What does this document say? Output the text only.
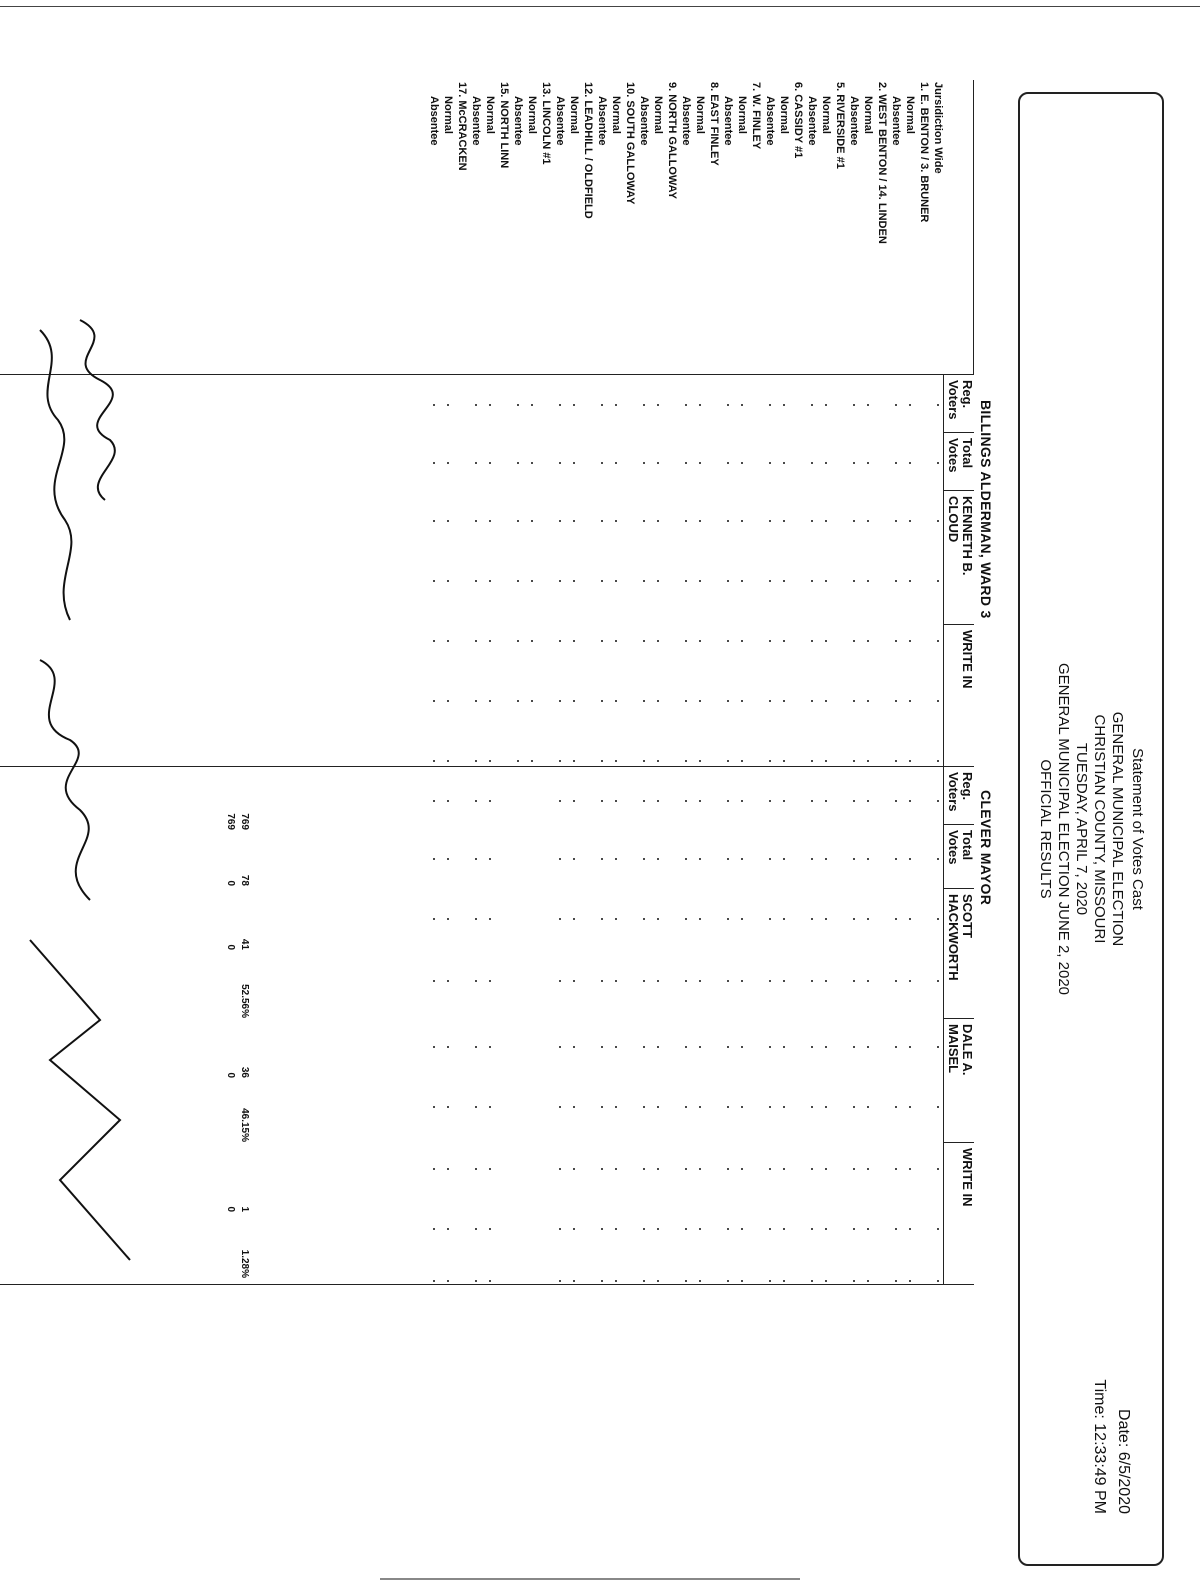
Statement of Votes Cast
GENERAL MUNICIPAL ELECTION
CHRISTIAN COUNTY, MISSOURI
TUESDAY, APRIL 7, 2020
GENERAL MUNICIPAL ELECTION JUNE 2, 2020
OFFICIAL RESULTS
Date: 6/5/2020
Time: 12:33:49 PM
BILLINGS ALDERMAN, WARD 3
CLEVER MAYOR
Reg.
Voters
Total
Votes
KENNETH B.
CLOUD
WRITE IN
Reg.
Voters
Total
Votes
SCOTT
HACKWORTH
DALE A.
MAISEL
WRITE IN
Jursidiction Wide
1. E. BENTON / 3. BRUNER
Normal
Absentee
2. WEST BENTON / 14. LINDEN
Normal
Absentee
5. RIVERSIDE #1
Normal
Absentee
6. CASSIDY #1
Normal
Absentee
7. W. FINLEY
Normal
Absentee
8. EAST FINLEY
Normal
Absentee
9. NORTH GALLOWAY
Normal
Absentee
10. SOUTH GALLOWAY
Normal
Absentee
12. LEADHILL / OLDFIELD
Normal
Absentee
13. LINCOLN #1
Normal
Absentee
15. NORTH LINN
Normal
Absentee
17. McCRACKEN
Normal
Absentee
769
769
78
0
41
0
52.56%
36
0
46.15%
1
0
1.28%
